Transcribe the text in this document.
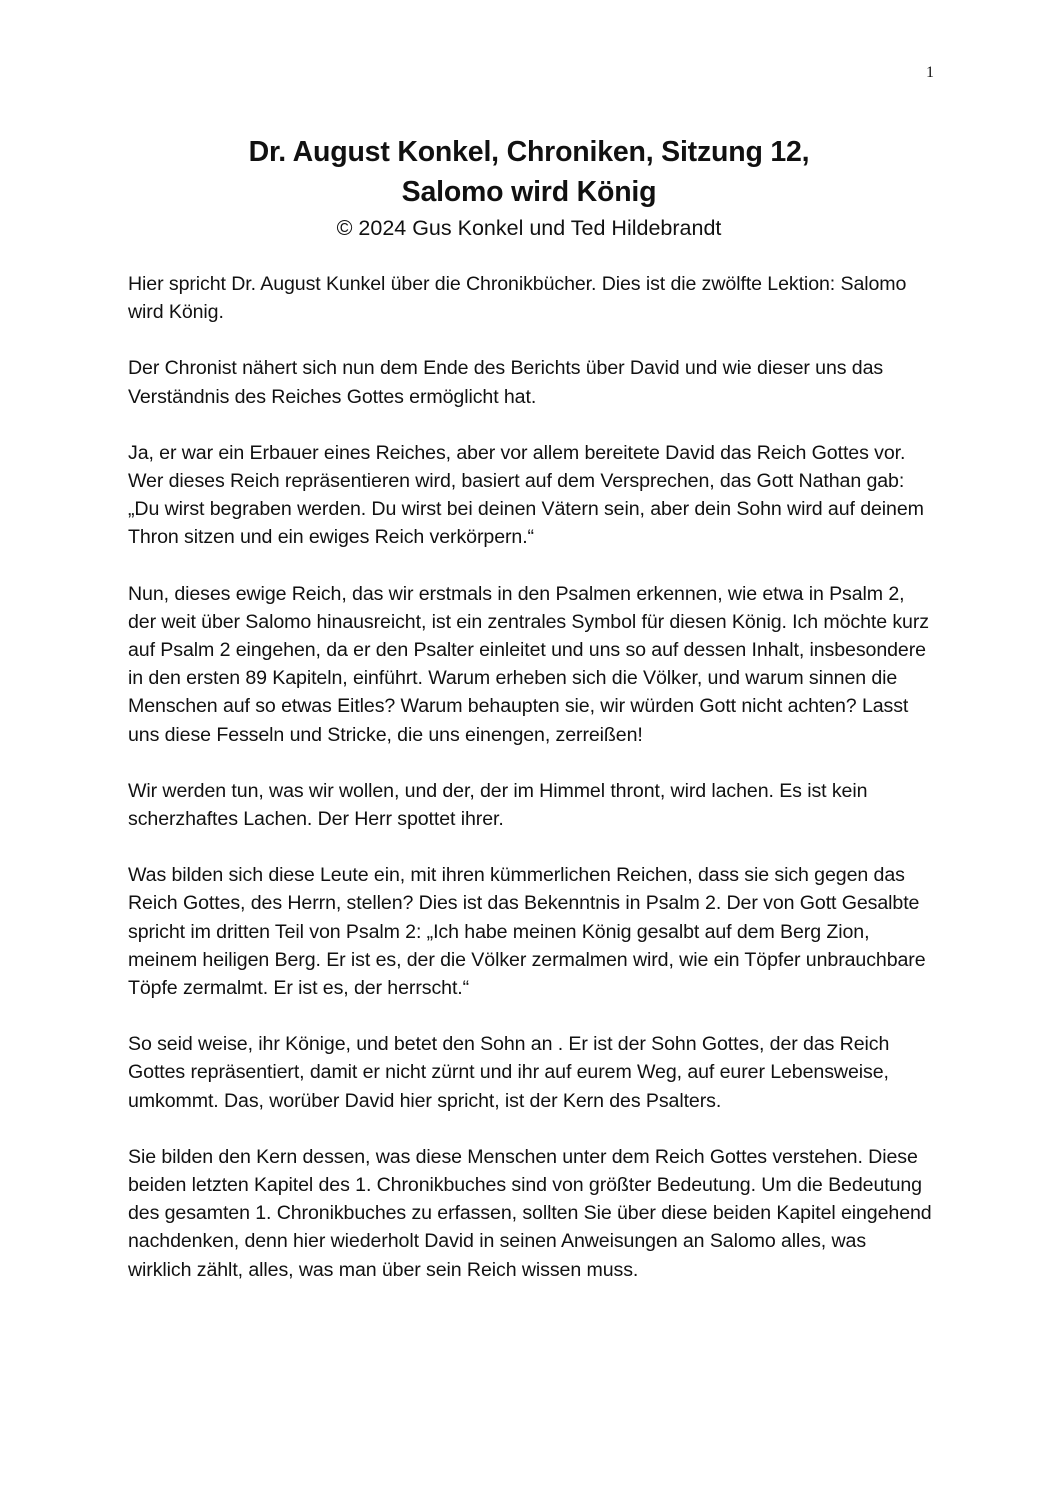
1
Dr. August Konkel, Chroniken, Sitzung 12,
Salomo wird König

© 2024 Gus Konkel und Ted Hildebrandt

Hier spricht Dr. August Kunkel über die Chronikbücher. Dies ist die zwölfte Lektion: Salomo wird König.

Der Chronist nähert sich nun dem Ende des Berichts über David und wie dieser uns das Verständnis des Reiches Gottes ermöglicht hat.

Ja, er war ein Erbauer eines Reiches, aber vor allem bereitete David das Reich Gottes vor. Wer dieses Reich repräsentieren wird, basiert auf dem Versprechen, das Gott Nathan gab: „Du wirst begraben werden. Du wirst bei deinen Vätern sein, aber dein Sohn wird auf deinem Thron sitzen und ein ewiges Reich verkörpern.“

Nun, dieses ewige Reich, das wir erstmals in den Psalmen erkennen, wie etwa in Psalm 2, der weit über Salomo hinausreicht, ist ein zentrales Symbol für diesen König. Ich möchte kurz auf Psalm 2 eingehen, da er den Psalter einleitet und uns so auf dessen Inhalt, insbesondere in den ersten 89 Kapiteln, einführt. Warum erheben sich die Völker, und warum sinnen die Menschen auf so etwas Eitles? Warum behaupten sie, wir würden Gott nicht achten? Lasst uns diese Fesseln und Stricke, die uns einengen, zerreißen!

Wir werden tun, was wir wollen, und der, der im Himmel thront, wird lachen. Es ist kein scherzhaftes Lachen. Der Herr spottet ihrer.

Was bilden sich diese Leute ein, mit ihren kümmerlichen Reichen, dass sie sich gegen das Reich Gottes, des Herrn, stellen? Dies ist das Bekenntnis in Psalm 2. Der von Gott Gesalbte spricht im dritten Teil von Psalm 2: „Ich habe meinen König gesalbt auf dem Berg Zion, meinem heiligen Berg. Er ist es, der die Völker zermalmen wird, wie ein Töpfer unbrauchbare Töpfe zermalmt. Er ist es, der herrscht.“

So seid weise, ihr Könige, und betet den Sohn an . Er ist der Sohn Gottes, der das Reich Gottes repräsentiert, damit er nicht zürnt und ihr auf eurem Weg, auf eurer Lebensweise, umkommt. Das, worüber David hier spricht, ist der Kern des Psalters.

Sie bilden den Kern dessen, was diese Menschen unter dem Reich Gottes verstehen. Diese beiden letzten Kapitel des 1. Chronikbuches sind von größter Bedeutung. Um die Bedeutung des gesamten 1. Chronikbuches zu erfassen, sollten Sie über diese beiden Kapitel eingehend nachdenken, denn hier wiederholt David in seinen Anweisungen an Salomo alles, was wirklich zählt, alles, was man über sein Reich wissen muss.
